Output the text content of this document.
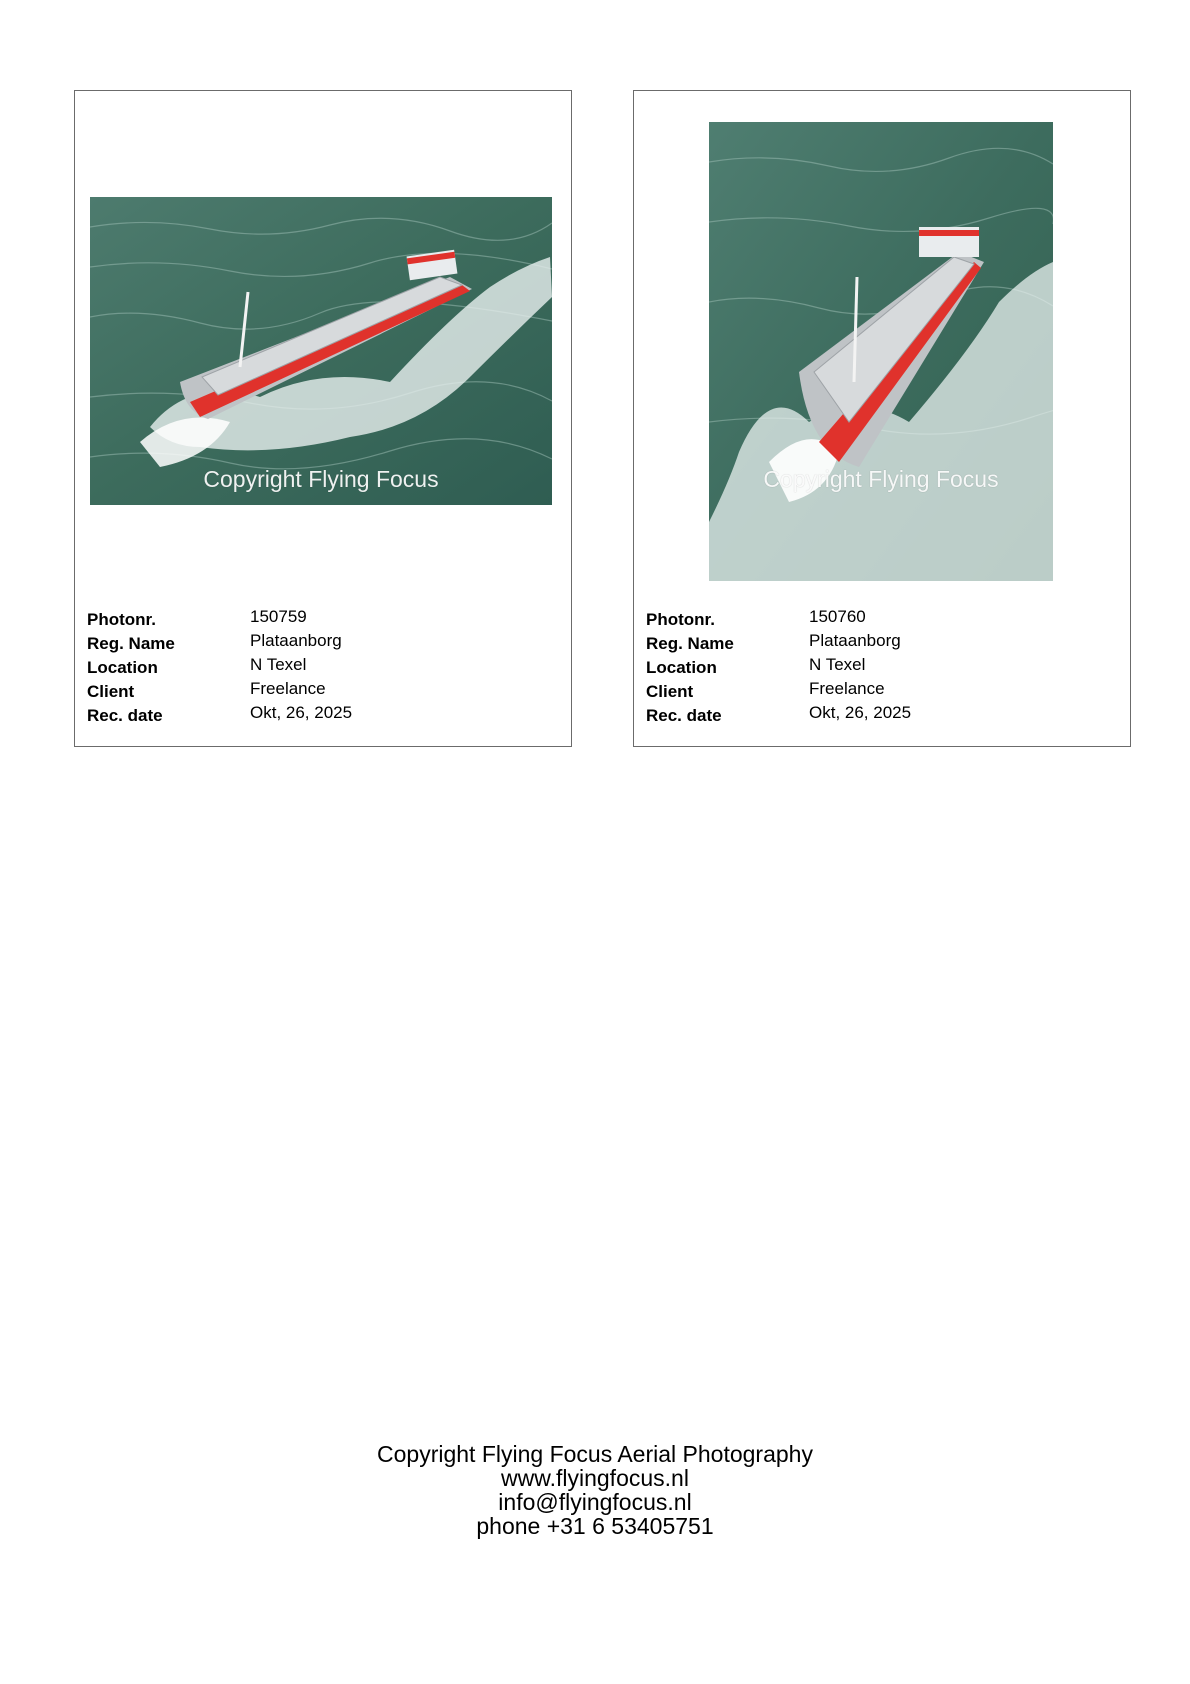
Copyright Flying Focus
Photonr.	150759
Reg. Name	Plataanborg
Location	N Texel
Client	Freelance
Rec. date	Okt, 26, 2025
Copyright Flying Focus
Photonr.	150760
Reg. Name	Plataanborg
Location	N Texel
Client	Freelance
Rec. date	Okt, 26, 2025
Copyright Flying Focus Aerial Photography
www.flyingfocus.nl
info@flyingfocus.nl
phone +31 6 53405751
